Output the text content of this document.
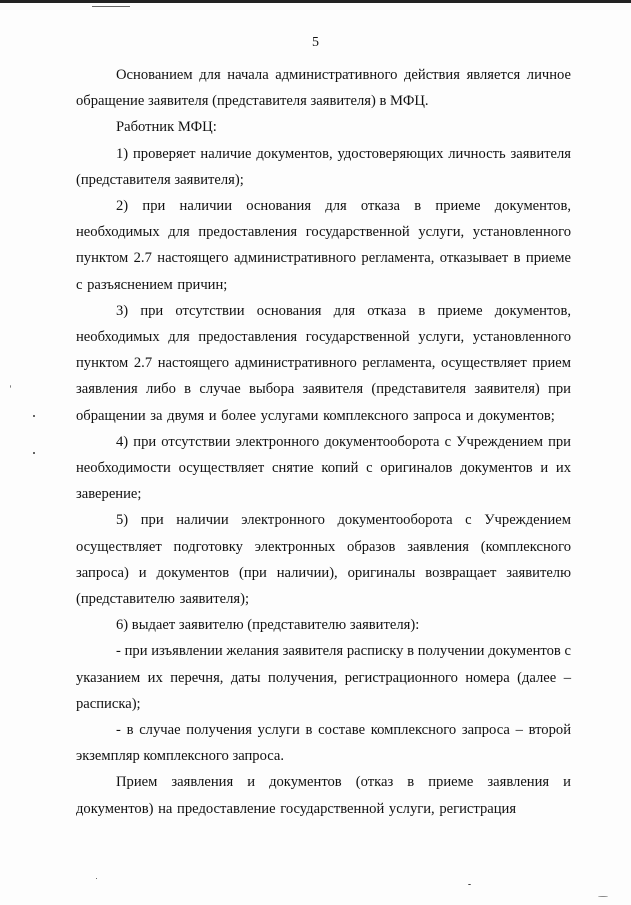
5

Основанием для начала административного действия является личное обращение заявителя (представителя заявителя) в МФЦ.

Работник МФЦ:

1) проверяет наличие документов, удостоверяющих личность заявителя (представителя заявителя);

2) при наличии основания для отказа в приеме документов, необходимых для предоставления государственной услуги, установленного пунктом 2.7 настоящего административного регламента, отказывает в приеме с разъяснением причин;

3) при отсутствии основания для отказа в приеме документов, необходимых для предоставления государственной услуги, установленного пунктом 2.7 настоящего административного регламента, осуществляет прием заявления либо в случае выбора заявителя (представителя заявителя) при обращении за двумя и более услугами комплексного запроса и документов;

4) при отсутствии электронного документооборота с Учреждением при необходимости осуществляет снятие копий с оригиналов документов и их заверение;

5) при наличии электронного документооборота с Учреждением осуществляет подготовку электронных образов заявления (комплексного запроса) и документов (при наличии), оригиналы возвращает заявителю (представителю заявителя);

6) выдает заявителю (представителю заявителя):

- при изъявлении желания заявителя расписку в получении документов с указанием их перечня, даты получения, регистрационного номера (далее – расписка);

- в случае получения услуги в составе комплексного запроса – второй экземпляр комплексного запроса.

Прием заявления и документов (отказ в приеме заявления и документов) на предоставление государственной услуги, регистрация
